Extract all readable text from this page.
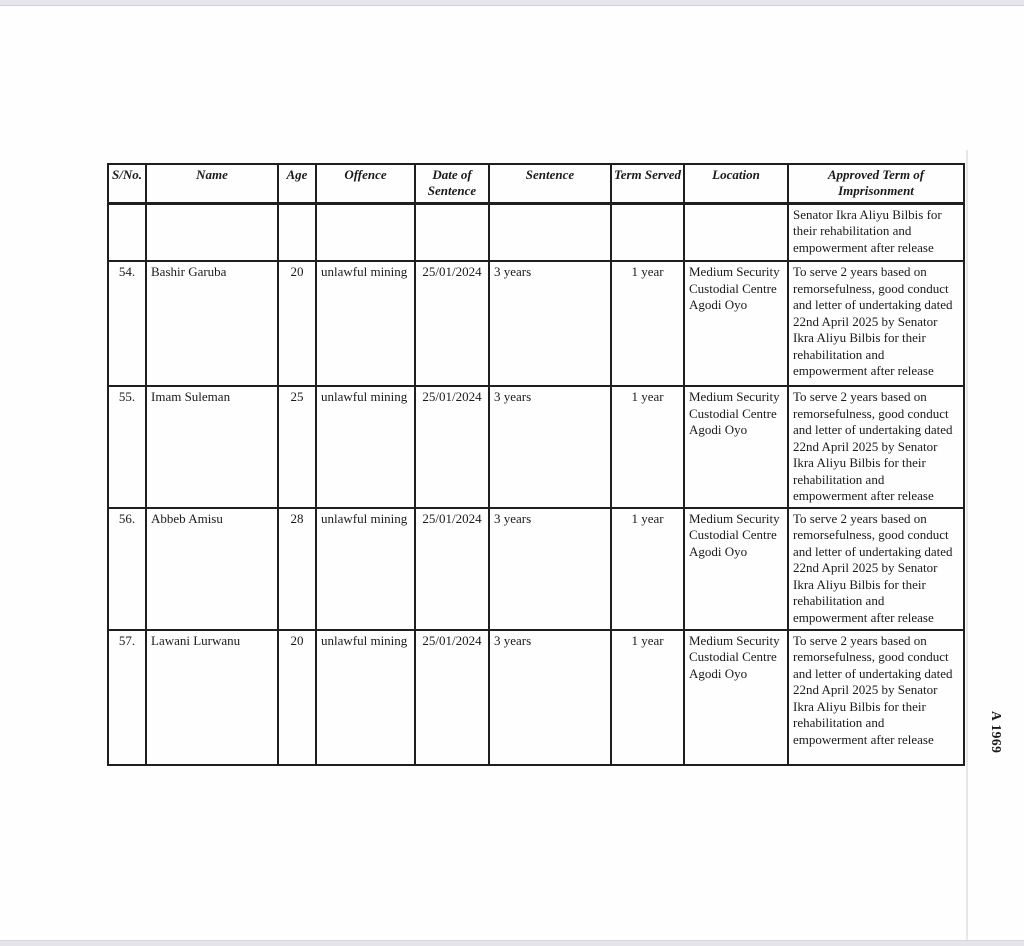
S/No.	Name	Age	Offence	Date of Sentence	Sentence	Term Served	Location	Approved Term of Imprisonment
								Senator Ikra Aliyu Bilbis for their rehabilitation and empowerment after release
54.	Bashir Garuba	20	unlawful mining	25/01/2024	3 years	1 year	Medium Security Custodial Centre Agodi Oyo	To serve 2 years based on remorsefulness, good conduct and letter of undertaking dated 22nd April 2025 by Senator Ikra Aliyu Bilbis for their rehabilitation and empowerment after release
55.	Imam Suleman	25	unlawful mining	25/01/2024	3 years	1 year	Medium Security Custodial Centre Agodi Oyo	To serve 2 years based on remorsefulness, good conduct and letter of undertaking dated 22nd April 2025 by Senator Ikra Aliyu Bilbis for their rehabilitation and empowerment after release
56.	Abbeb Amisu	28	unlawful mining	25/01/2024	3 years	1 year	Medium Security Custodial Centre Agodi Oyo	To serve 2 years based on remorsefulness, good conduct and letter of undertaking dated 22nd April 2025 by Senator Ikra Aliyu Bilbis for their rehabilitation and empowerment after release
57.	Lawani Lurwanu	20	unlawful mining	25/01/2024	3 years	1 year	Medium Security Custodial Centre Agodi Oyo	To serve 2 years based on remorsefulness, good conduct and letter of undertaking dated 22nd April 2025 by Senator Ikra Aliyu Bilbis for their rehabilitation and empowerment after release	A 1969
